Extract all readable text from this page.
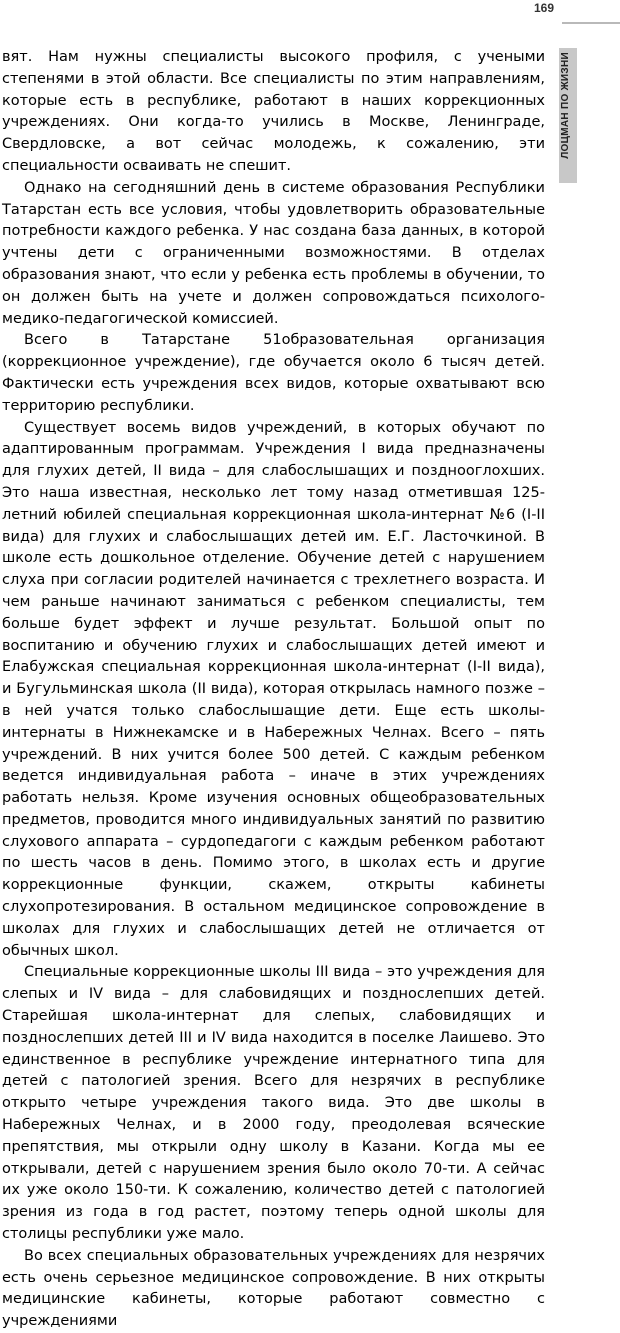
169
ЛОЦМАН ПО ЖИЗНИ

вят. Нам нужны специалисты высокого профиля, с учеными степенями в этой области. Все специалисты по этим направлениям, которые есть в республике, работают в наших коррекционных учреждениях. Они когда-то учились в Москве, Ленинграде, Свердловске, а вот сейчас молодежь, к сожалению, эти специальности осваивать не спешит.

Однако на сегодняшний день в системе образования Республики Татарстан есть все условия, чтобы удовлетворить образовательные потребности каждого ребенка. У нас создана база данных, в которой учтены дети с ограниченными возможностями. В отделах образования знают, что если у ребенка есть проблемы в обучении, то он должен быть на учете и должен сопровождаться психолого-медико-педагогической комиссией.

Всего в Татарстане 51образовательная организация (коррекционное учреждение), где обучается около 6 тысяч детей. Фактически есть учреждения всех видов, которые охватывают всю территорию республики.

Существует восемь видов учреждений, в которых обучают по адаптированным программам. Учреждения I вида предназначены для глухих детей, II вида – для слабослышащих и позднооглохших. Это наша известная, несколько лет тому назад отметившая 125-летний юбилей специальная коррекционная школа-интернат №6 (I-II вида) для глухих и слабослышащих детей им. Е.Г. Ласточкиной. В школе есть дошкольное отделение. Обучение детей с нарушением слуха при согласии родителей начинается с трехлетнего возраста. И чем раньше начинают заниматься с ребенком специалисты, тем больше будет эффект и лучше результат. Большой опыт по воспитанию и обучению глухих и слабослышащих детей имеют и Елабужская специальная коррекционная школа-интернат (I-II вида), и Бугульминская школа (II вида), которая открылась намного позже – в ней учатся только слабослышащие дети. Еще есть школы-интернаты в Нижнекамске и в Набережных Челнах. Всего – пять учреждений. В них учится более 500 детей. С каждым ребенком ведется индивидуальная работа – иначе в этих учреждениях работать нельзя. Кроме изучения основных общеобразовательных предметов, проводится много индивидуальных занятий по развитию слухового аппарата – сурдопедагоги с каждым ребенком работают по шесть часов в день. Помимо этого, в школах есть и другие коррекционные функции, скажем, открыты кабинеты слухопротезирования. В остальном медицинское сопровождение в школах для глухих и слабослышащих детей не отличается от обычных школ.

Специальные коррекционные школы III вида – это учреждения для слепых и IV вида – для слабовидящих и позднослепших детей. Старейшая школа-интернат для слепых, слабовидящих и позднослепших детей III и IV вида находится в поселке Лаишево. Это единственное в республике учреждение интернатного типа для детей с патологией зрения. Всего для незрячих в республике открыто четыре учреждения такого вида. Это две школы в Набережных Челнах, и в 2000 году, преодолевая всяческие препятствия, мы открыли одну школу в Казани. Когда мы ее открывали, детей с нарушением зрения было около 70-ти. А сейчас их уже около 150-ти. К сожалению, количество детей с патологией зрения из года в год растет, поэтому теперь одной школы для столицы республики уже мало.

Во всех специальных образовательных учреждениях для незрячих есть очень серьезное медицинское сопровождение. В них открыты медицинские кабинеты, которые работают совместно с учреждениями
